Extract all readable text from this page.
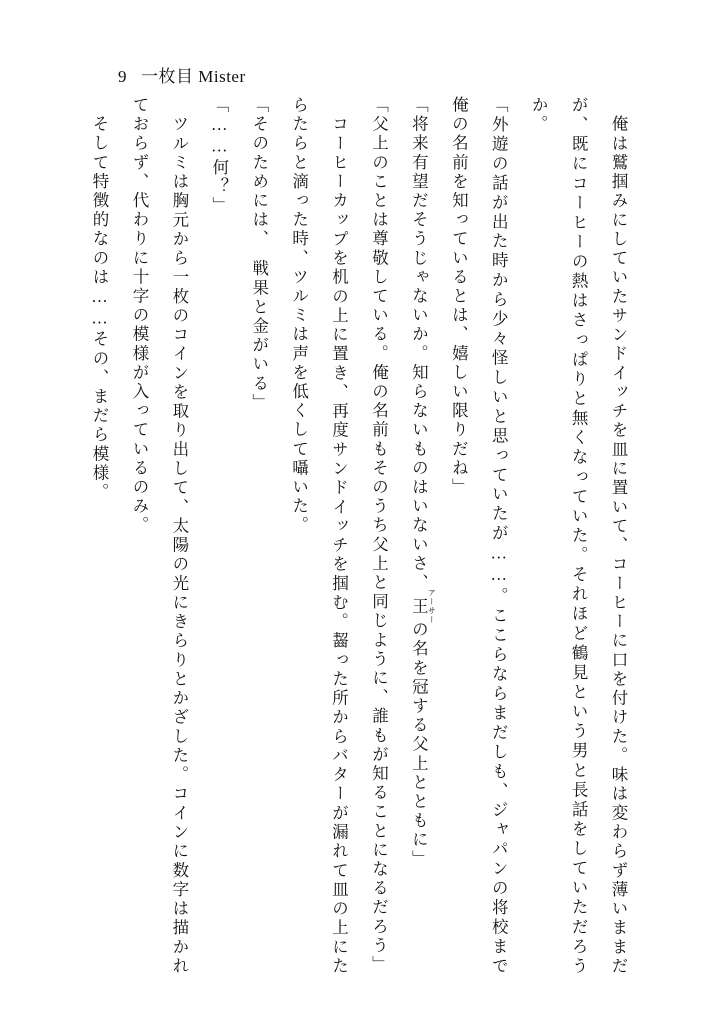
9 一枚目 Mister

　俺は鷲掴みにしていたサンドイッチを皿に置いて、コーヒーに口を付けた。味は変わらず薄いままだが、既にコーヒーの熱はさっぱりと無くなっていた。それほど鶴見という男と長話をしていただろうか。

「外遊の話が出た時から少々怪しいと思っていたが……。ここらならまだしも、ジャパンの将校まで俺の名前を知っているとは、嬉しい限りだね」

「将来有望だそうじゃないか。知らないものはいないさ、王 アーサーの名を冠する父上とともに」

「父上のことは尊敬している。俺の名前もそのうち父上と同じように、誰もが知ることになるだろう」

　コーヒーカップを机の上に置き、再度サンドイッチを掴む。齧った所からバターが漏れて皿の上にたらたらと滴った時、ツルミは声を低くして囁いた。

「そのためには、　戦果と金がいる」

「……何？」

　ツルミは胸元から一枚のコインを取り出して、太陽の光にきらりとかざした。コインに数字は描かれておらず、代わりに十字の模様が入っているのみ。

　そして特徴的なのは……その、まだら模様。
